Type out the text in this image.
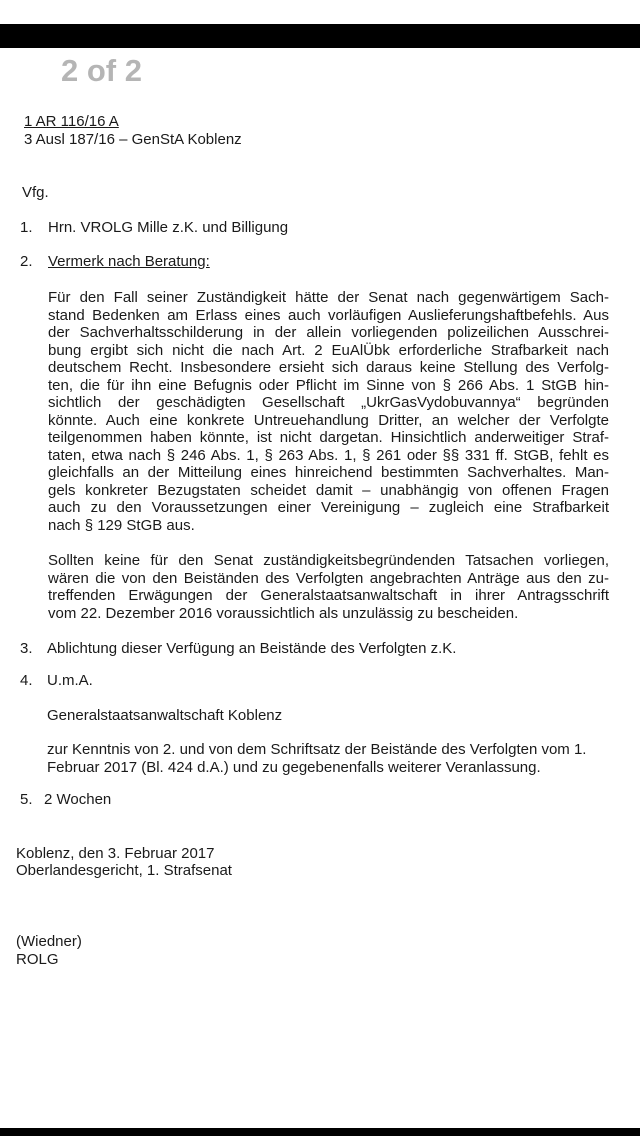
2 of 2
1 AR 116/16 A
3 Ausl 187/16 – GenStA Koblenz
Vfg.
1. Hrn. VROLG Mille z.K. und Billigung
2. Vermerk nach Beratung:
Für den Fall seiner Zuständigkeit hätte der Senat nach gegenwärtigem Sach-
stand Bedenken am Erlass eines auch vorläufigen Auslieferungshaftbefehls. Aus
der Sachverhaltsschilderung in der allein vorliegenden polizeilichen Ausschrei-
bung ergibt sich nicht die nach Art. 2 EuAlÜbk erforderliche Strafbarkeit nach
deutschem Recht. Insbesondere ersieht sich daraus keine Stellung des Verfolg-
ten, die für ihn eine Befugnis oder Pflicht im Sinne von § 266 Abs. 1 StGB hin-
sichtlich der geschädigten Gesellschaft „UkrGasVydobuvannya“ begründen
könnte. Auch eine konkrete Untreuehandlung Dritter, an welcher der Verfolgte
teilgenommen haben könnte, ist nicht dargetan. Hinsichtlich anderweitiger Straf-
taten, etwa nach § 246 Abs. 1, § 263 Abs. 1, § 261 oder §§ 331 ff. StGB, fehlt es
gleichfalls an der Mitteilung eines hinreichend bestimmten Sachverhaltes. Man-
gels konkreter Bezugstaten scheidet damit – unabhängig von offenen Fragen
auch zu den Voraussetzungen einer Vereinigung – zugleich eine Strafbarkeit
nach § 129 StGB aus.
Sollten keine für den Senat zuständigkeitsbegründenden Tatsachen vorliegen,
wären die von den Beiständen des Verfolgten angebrachten Anträge aus den zu-
treffenden Erwägungen der Generalstaatsanwaltschaft in ihrer Antragsschrift
vom 22. Dezember 2016 voraussichtlich als unzulässig zu bescheiden.
3. Ablichtung dieser Verfügung an Beistände des Verfolgten z.K.
4. U.m.A.
Generalstaatsanwaltschaft Koblenz
zur Kenntnis von 2. und von dem Schriftsatz der Beistände des Verfolgten vom 1.
Februar 2017 (Bl. 424 d.A.) und zu gegebenenfalls weiterer Veranlassung.
5. 2 Wochen
Koblenz, den 3. Februar 2017
Oberlandesgericht, 1. Strafsenat
(Wiedner)
ROLG
